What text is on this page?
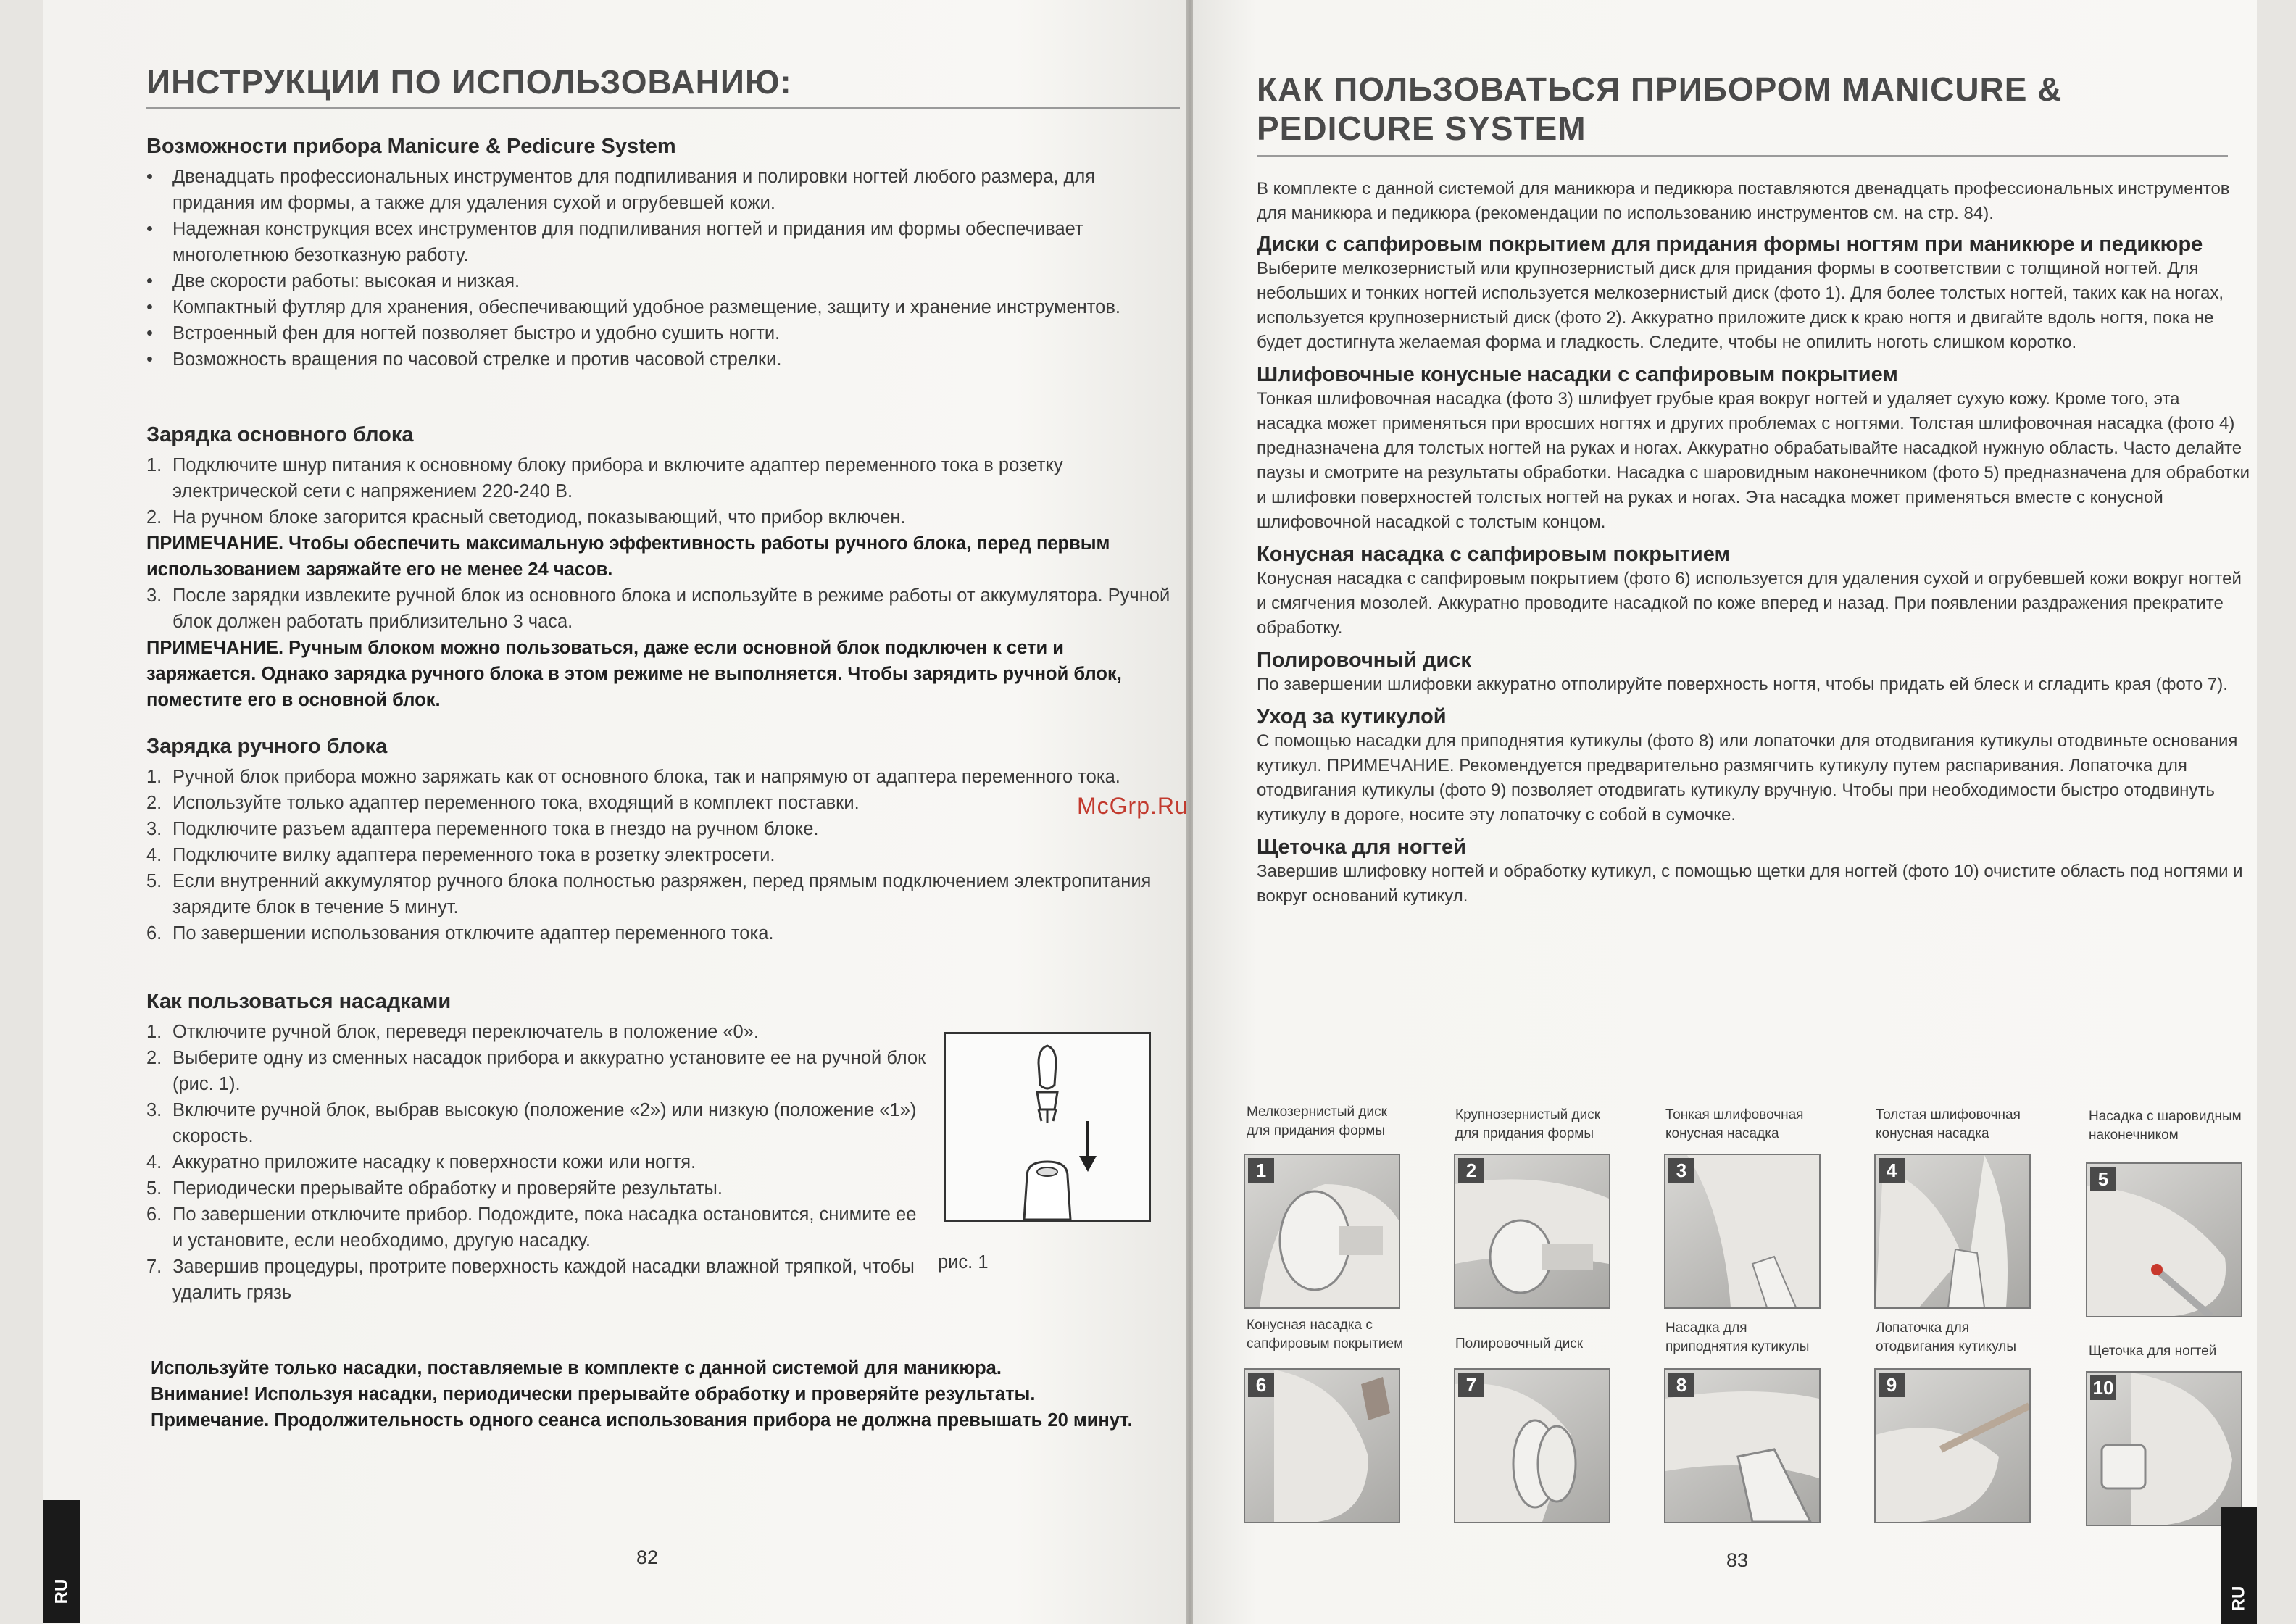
ИНСТРУКЦИИ ПО ИСПОЛЬЗОВАНИЮ:
Возможности прибора Manicure & Pedicure System
• Двенадцать профессиональных инструментов для подпиливания и полировки ногтей любого размера, для придания им формы, а также для удаления сухой и огрубевшей кожи.
• Надежная конструкция всех инструментов для подпиливания ногтей и придания им формы обеспечивает многолетнюю безотказную работу.
• Две скорости работы: высокая и низкая.
• Компактный футляр для хранения, обеспечивающий удобное размещение, защиту и хранение инструментов.
• Встроенный фен для ногтей позволяет быстро и удобно сушить ногти.
• Возможность вращения по часовой стрелке и против часовой стрелки.
Зарядка основного блока
1. Подключите шнур питания к основному блоку прибора и включите адаптер переменного тока в розетку электрической сети с напряжением 220-240 В.
2. На ручном блоке загорится красный светодиод, показывающий, что прибор включен.
ПРИМЕЧАНИЕ. Чтобы обеспечить максимальную эффективность работы ручного блока, перед первым использованием заряжайте его не менее 24 часов.
3. После зарядки извлеките ручной блок из основного блока и используйте в режиме работы от аккумулятора. Ручной блок должен работать приблизительно 3 часа.
ПРИМЕЧАНИЕ. Ручным блоком можно пользоваться, даже если основной блок подключен к сети и заряжается. Однако зарядка ручного блока в этом режиме не выполняется. Чтобы зарядить ручной блок, поместите его в основной блок.
Зарядка ручного блока
1. Ручной блок прибора можно заряжать как от основного блока, так и напрямую от адаптера переменного тока.
2. Используйте только адаптер переменного тока, входящий в комплект поставки.
3. Подключите разъем адаптера переменного тока в гнездо на ручном блоке.
4. Подключите вилку адаптера переменного тока в розетку электросети.
5. Если внутренний аккумулятор ручного блока полностью разряжен, перед прямым подключением электропитания зарядите блок в течение 5 минут.
6. По завершении использования отключите адаптер переменного тока.
Как пользоваться насадками
1. Отключите ручной блок, переведя переключатель в положение «0».
2. Выберите одну из сменных насадок прибора и аккуратно установите ее на ручной блок (рис. 1).
3. Включите ручной блок, выбрав высокую (положение «2») или низкую (положение «1») скорость.
4. Аккуратно приложите насадку к поверхности кожи или ногтя.
5. Периодически прерывайте обработку и проверяйте результаты.
6. По завершении отключите прибор. Подождите, пока насадка остановится, снимите ее и установите, если необходимо, другую насадку.
7. Завершив процедуры, протрите поверхность каждой насадки влажной тряпкой, чтобы удалить грязь
рис. 1
Используйте только насадки, поставляемые в комплекте с данной системой для маникюра.
Внимание! Используя насадки, периодически прерывайте обработку и проверяйте результаты.
Примечание. Продолжительность одного сеанса использования прибора не должна превышать 20 минут.
RU
82
КАК ПОЛЬЗОВАТЬСЯ ПРИБОРОМ MANICURE & PEDICURE SYSTEM
В комплекте с данной системой для маникюра и педикюра поставляются двенадцать профессиональных инструментов для маникюра и педикюра (рекомендации по использованию инструментов см. на стр. 84).
Диски с сапфировым покрытием для придания формы ногтям при маникюре и педикюре
Выберите мелкозернистый или крупнозернистый диск для придания формы в соответствии с толщиной ногтей. Для небольших и тонких ногтей используется мелкозернистый диск (фото 1). Для более толстых ногтей, таких как на ногах, используется крупнозернистый диск (фото 2). Аккуратно приложите диск к краю ногтя и двигайте вдоль ногтя, пока не будет достигнута желаемая форма и гладкость. Следите, чтобы не опилить ноготь слишком коротко.
Шлифовочные конусные насадки с сапфировым покрытием
Тонкая шлифовочная насадка (фото 3) шлифует грубые края вокруг ногтей и удаляет сухую кожу. Кроме того, эта насадка может применяться при вросших ногтях и других проблемах с ногтями. Толстая шлифовочная насадка (фото 4) предназначена для толстых ногтей на руках и ногах. Аккуратно обрабатывайте насадкой нужную область. Часто делайте паузы и смотрите на результаты обработки. Насадка с шаровидным наконечником (фото 5) предназначена для обработки и шлифовки поверхностей толстых ногтей на руках и ногах. Эта насадка может применяться вместе с конусной шлифовочной насадкой с толстым концом.
Конусная насадка с сапфировым покрытием
Конусная насадка с сапфировым покрытием (фото 6) используется для удаления сухой и огрубевшей кожи вокруг ногтей и смягчения мозолей. Аккуратно проводите насадкой по коже вперед и назад. При появлении раздражения прекратите обработку.
Полировочный диск
По завершении шлифовки аккуратно отполируйте поверхность ногтя, чтобы придать ей блеск и сгладить края (фото 7).
Уход за кутикулой
С помощью насадки для приподнятия кутикулы (фото 8) или лопаточки для отодвигания кутикулы отодвиньте основания кутикул. ПРИМЕЧАНИЕ. Рекомендуется предварительно размягчить кутикулу путем распаривания. Лопаточка для отодвигания кутикулы (фото 9) позволяет отодвигать кутикулу вручную. Чтобы при необходимости быстро отодвинуть кутикулу в дороге, носите эту лопаточку с собой в сумочке.
Щеточка для ногтей
Завершив шлифовку ногтей и обработку кутикул, с помощью щетки для ногтей (фото 10) очистите область под ногтями и вокруг оснований кутикул.
Мелкозернистый диск для придания формы
Крупнозернистый диск для придания формы
Тонкая шлифовочная конусная насадка
Толстая шлифовочная конусная насадка
Насадка с шаровидным наконечником
1	2	3	4	5
Конусная насадка с сапфировым покрытием	Полировочный диск
Насадка для приподнятия кутикулы
Лопаточка для отодвигания кутикулы	Щеточка для ногтей
6	7	8	9	10
83
RU
McGrp.Ru
